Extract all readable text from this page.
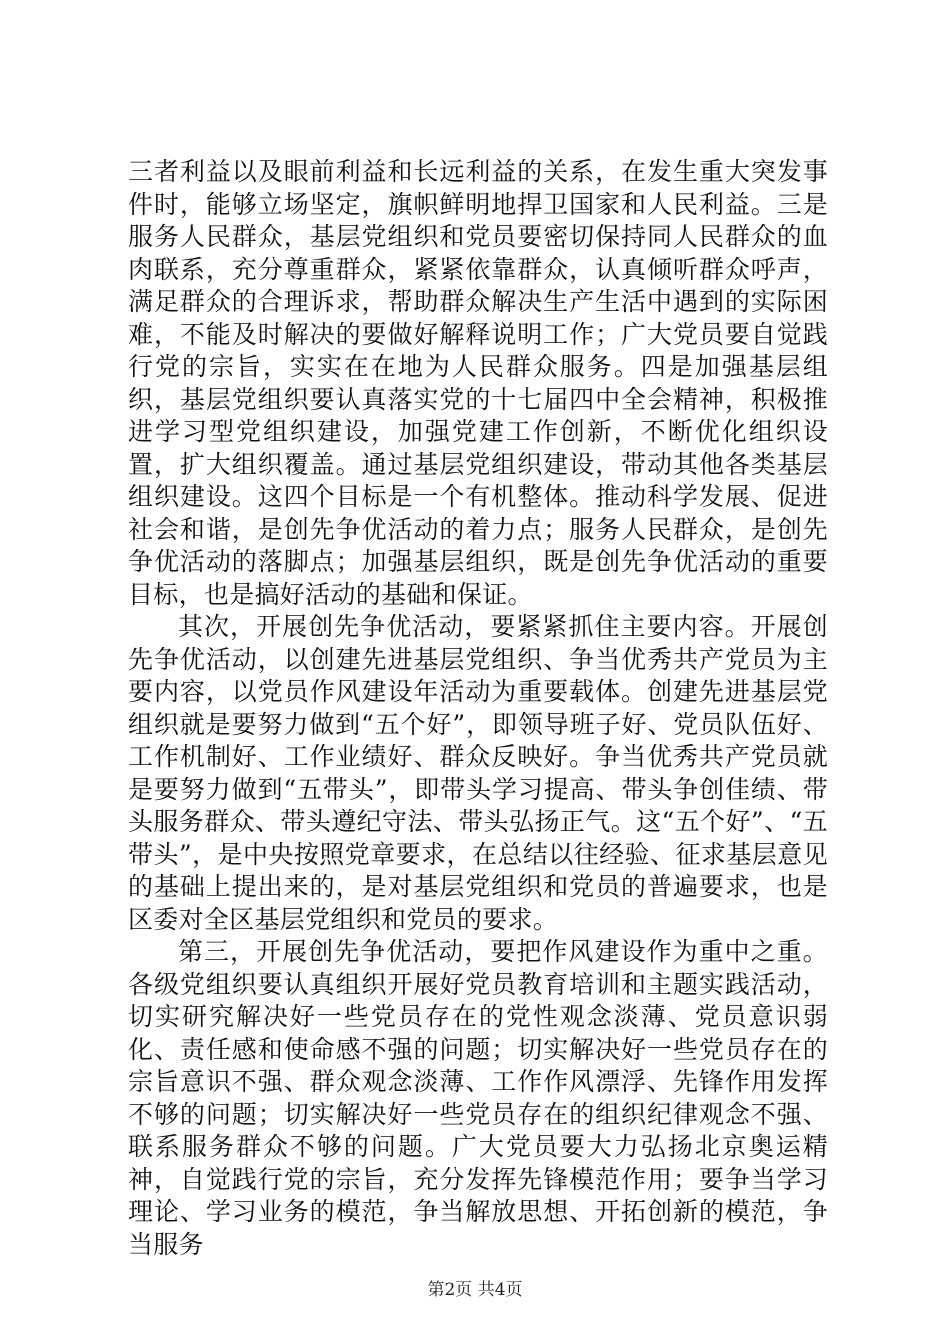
三者利益以及眼前利益和长远利益的关系，在发生重大突发事件时，能够立场坚定，旗帜鲜明地捍卫国家和人民利益。三是服务人民群众，基层党组织和党员要密切保持同人民群众的血肉联系，充分尊重群众，紧紧依靠群众，认真倾听群众呼声，满足群众的合理诉求，帮助群众解决生产生活中遇到的实际困难，不能及时解决的要做好解释说明工作；广大党员要自觉践行党的宗旨，实实在在地为人民群众服务。四是加强基层组织，基层党组织要认真落实党的十七届四中全会精神，积极推进学习型党组织建设，加强党建工作创新，不断优化组织设置，扩大组织覆盖。通过基层党组织建设，带动其他各类基层组织建设。这四个目标是一个有机整体。推动科学发展、促进社会和谐，是创先争优活动的着力点；服务人民群众，是创先争优活动的落脚点；加强基层组织，既是创先争优活动的重要目标，也是搞好活动的基础和保证。

其次，开展创先争优活动，要紧紧抓住主要内容。开展创先争优活动，以创建先进基层党组织、争当优秀共产党员为主要内容，以党员作风建设年活动为重要载体。创建先进基层党组织就是要努力做到“五个好”，即领导班子好、党员队伍好、工作机制好、工作业绩好、群众反映好。争当优秀共产党员就是要努力做到“五带头”，即带头学习提高、带头争创佳绩、带头服务群众、带头遵纪守法、带头弘扬正气。这“五个好”、“五带头”，是中央按照党章要求，在总结以往经验、征求基层意见的基础上提出来的，是对基层党组织和党员的普遍要求，也是区委对全区基层党组织和党员的要求。

第三，开展创先争优活动，要把作风建设作为重中之重。各级党组织要认真组织开展好党员教育培训和主题实践活动，切实研究解决好一些党员存在的党性观念淡薄、党员意识弱化、责任感和使命感不强的问题；切实解决好一些党员存在的宗旨意识不强、群众观念淡薄、工作作风漂浮、先锋作用发挥不够的问题；切实解决好一些党员存在的组织纪律观念不强、联系服务群众不够的问题。广大党员要大力弘扬北京奥运精神，自觉践行党的宗旨，充分发挥先锋模范作用；要争当学习理论、学习业务的模范，争当解放思想、开拓创新的模范，争当服务

第2页 共4页
